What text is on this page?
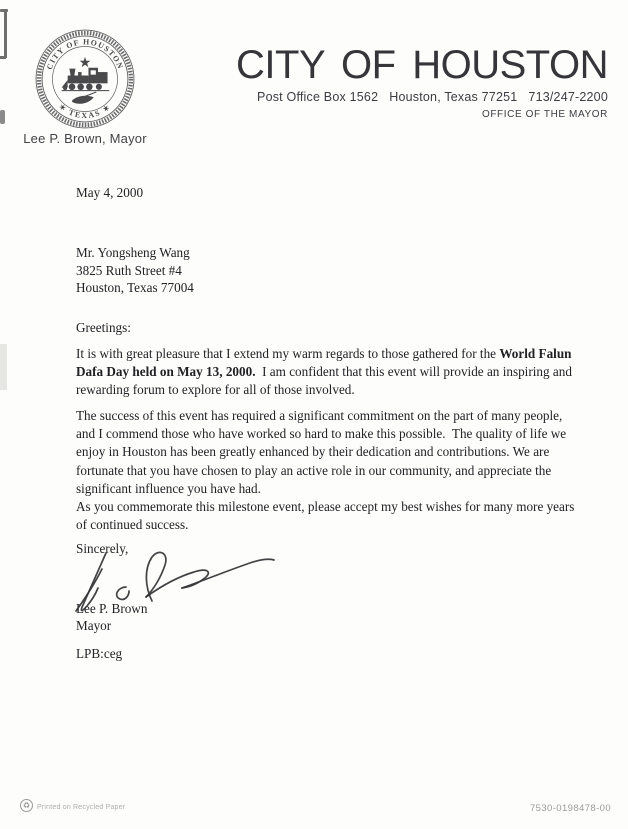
CITY OF HOUSTON
✶ TEXAS ✶
Lee P. Brown, Mayor
CITY OF HOUSTON
Post Office Box 1562   Houston, Texas 77251   713/247-2200
OFFICE OF THE MAYOR
May 4, 2000
Mr. Yongsheng Wang
3825 Ruth Street #4
Houston, Texas 77004
Greetings:
It is with great pleasure that I extend my warm regards to those gathered for the World Falun Dafa Day held on May 13, 2000.  I am confident that this event will provide an inspiring and rewarding forum to explore for all of those involved.
The success of this event has required a significant commitment on the part of many people, and I commend those who have worked so hard to make this possible.  The quality of life we enjoy in Houston has been greatly enhanced by their dedication and contributions. We are fortunate that you have chosen to play an active role in our community, and appreciate the significant influence you have had.
As you commemorate this milestone event, please accept my best wishes for many more years of continued success.
Sincerely,
Lee P. Brown
Mayor
LPB:ceg
♻ Printed on Recycled Paper	7530-0198478-00
